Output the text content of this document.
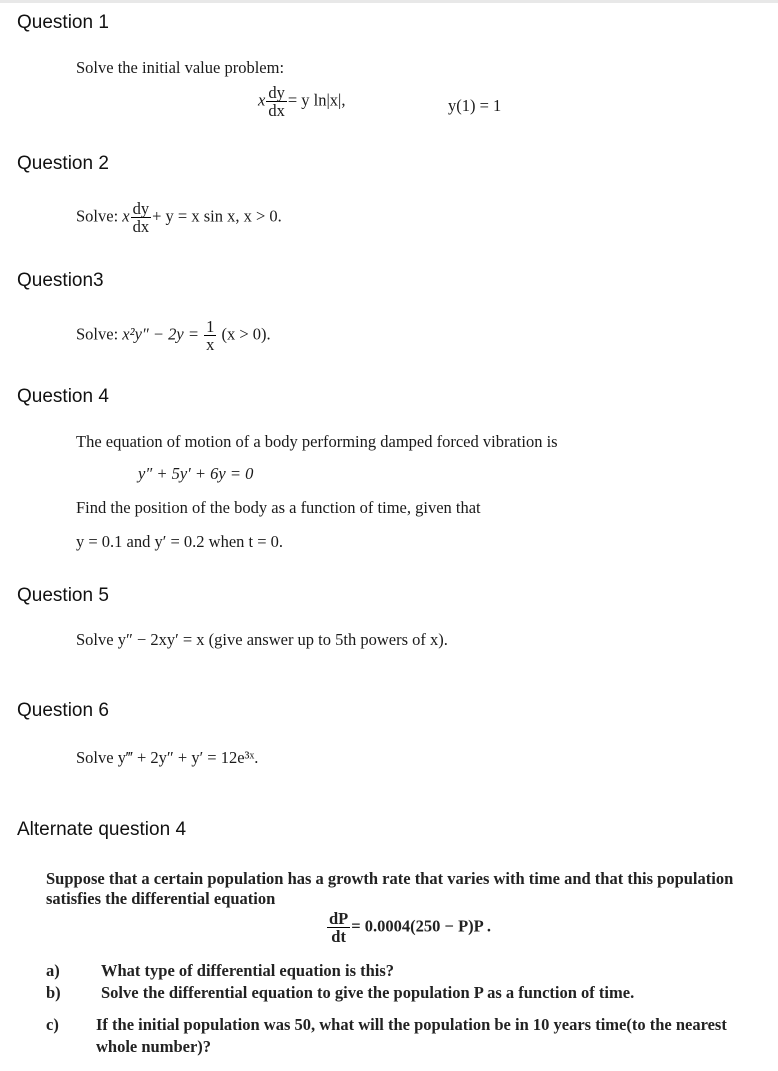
Question 1
Solve the initial value problem:
x $\frac{dy}{dx} = y$ ln|x|,	y(1) = 1
Question 2
Solve: x $\frac{dy}{dx} + y = x$ sin x, x > 0.
Question3
Solve: $x^2y'' - 2y = \frac{1}{x} (x > 0)$.
Question 4
The equation of motion of a body performing damped forced vibration is
y″ + 5y′ + 6y = 0
Find the position of the body as a function of time, given that
y = 0.1 and y′ = 0.2 when t = 0.
Question 5
Solve y″ − 2xy′ = x (give answer up to 5th powers of x).
Question 6
Solve y‴ + 2y″ + y′ = 12e³ˣ.
Alternate question 4
Suppose that a certain population has a growth rate that varies with time and that this population
satisfies the differential equation
$\frac{dP}{dt} = 0.0004(250 - P)P$ .
a)	What type of differential equation is this?
b) Solve the differential equation to give the population P as a function of time.
c) If the initial population was 50, what will the population be in 10 years time(to the nearest
whole number)?
